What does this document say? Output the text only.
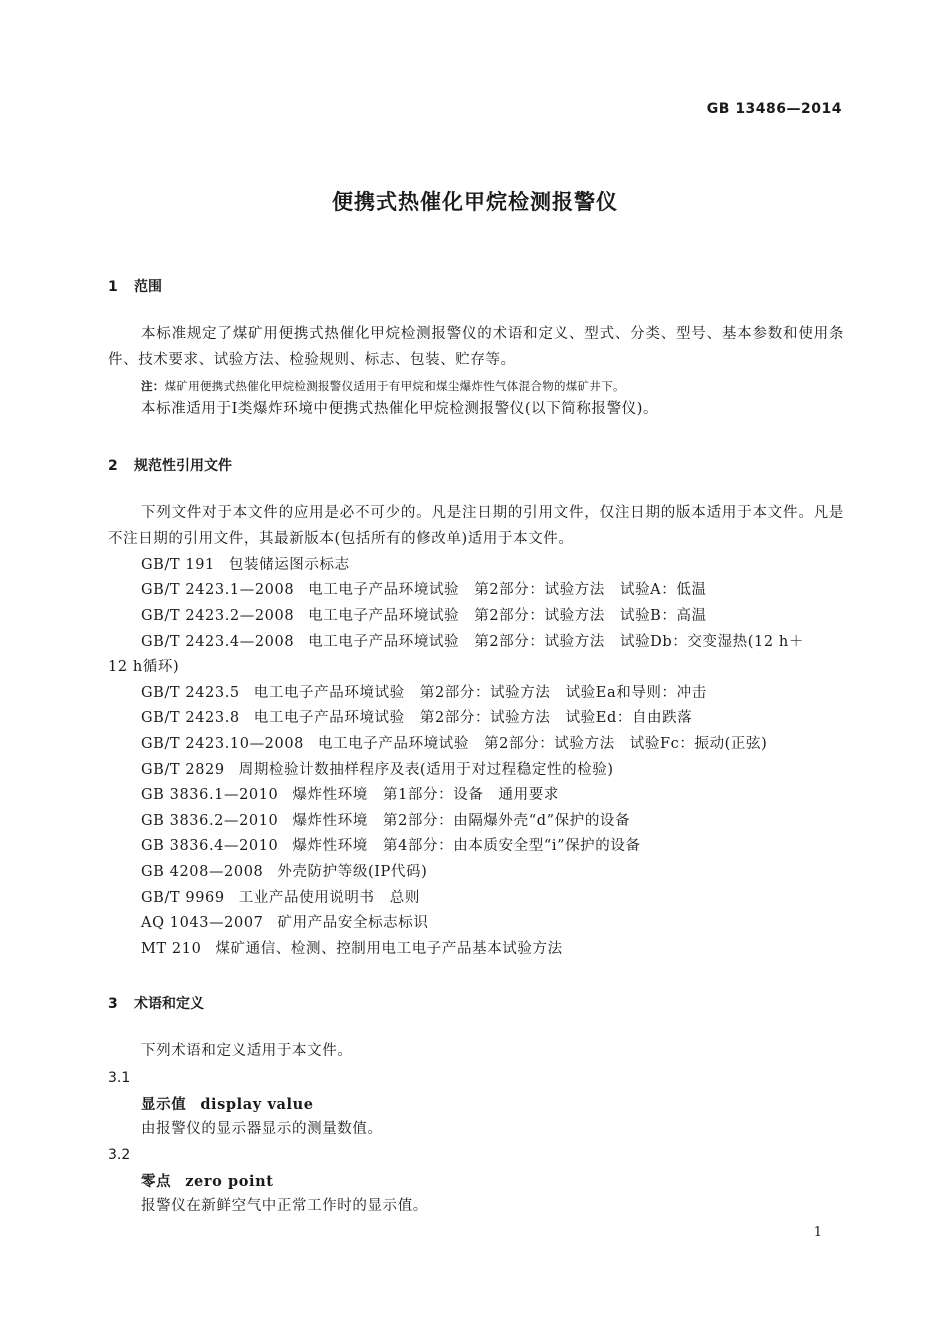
GB 13486—2014
便携式热催化甲烷检测报警仪
1 范围
本标准规定了煤矿用便携式热催化甲烷检测报警仪的术语和定义、型式、分类、型号、基本参数和使用条件、技术要求、试验方法、检验规则、标志、包装、贮存等。
注：煤矿用便携式热催化甲烷检测报警仪适用于有甲烷和煤尘爆炸性气体混合物的煤矿井下。
本标准适用于Ⅰ类爆炸环境中便携式热催化甲烷检测报警仪(以下简称报警仪)。
2 规范性引用文件
下列文件对于本文件的应用是必不可少的。凡是注日期的引用文件，仅注日期的版本适用于本文件。凡是不注日期的引用文件，其最新版本(包括所有的修改单)适用于本文件。
GB/T 191 包装储运图示标志
GB/T 2423.1—2008 电工电子产品环境试验　第2部分：试验方法　试验A：低温
GB/T 2423.2—2008 电工电子产品环境试验　第2部分：试验方法　试验B：高温
GB/T 2423.4—2008 电工电子产品环境试验　第2部分：试验方法　试验Db：交变湿热(12 h＋
12 h循环)
GB/T 2423.5 电工电子产品环境试验　第2部分：试验方法　试验Ea和导则：冲击
GB/T 2423.8 电工电子产品环境试验　第2部分：试验方法　试验Ed：自由跌落
GB/T 2423.10—2008 电工电子产品环境试验　第2部分：试验方法　试验Fc：振动(正弦)
GB/T 2829 周期检验计数抽样程序及表(适用于对过程稳定性的检验)
GB 3836.1—2010 爆炸性环境　第1部分：设备　通用要求
GB 3836.2—2010 爆炸性环境　第2部分：由隔爆外壳“d”保护的设备
GB 3836.4—2010 爆炸性环境　第4部分：由本质安全型“i”保护的设备
GB 4208—2008 外壳防护等级(IP代码)
GB/T 9969 工业产品使用说明书　总则
AQ 1043—2007 矿用产品安全标志标识
MT 210 煤矿通信、检测、控制用电工电子产品基本试验方法
3 术语和定义
下列术语和定义适用于本文件。
3.1
显示值 display value
由报警仪的显示器显示的测量数值。
3.2
零点 zero point
报警仪在新鲜空气中正常工作时的显示值。
1
